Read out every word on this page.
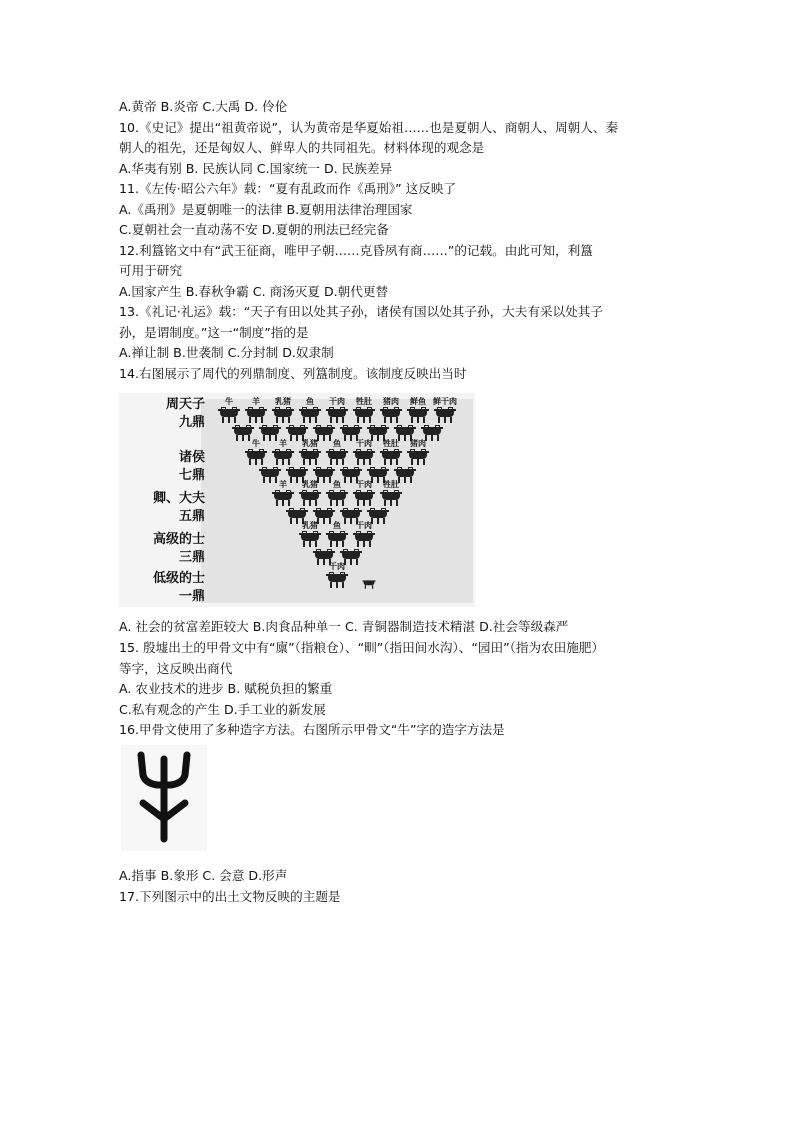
A.黄帝 B.炎帝 C.大禹 D. 伶伦
10.《史记》提出“祖黄帝说”，认为黄帝是华夏始祖……也是夏朝人、商朝人、周朝人、秦
朝人的祖先，还是匈奴人、鲜卑人的共同祖先。材料体现的观念是
A.华夷有别 B. 民族认同 C.国家统一 D. 民族差异
11.《左传·昭公六年》载：“夏有乱政而作《禹刑》” 这反映了
A.《禹刑》是夏朝唯一的法律 B.夏朝用法律治理国家
C.夏朝社会一直动荡不安 D.夏朝的刑法已经完备
12.利簋铭文中有“武王征商，唯甲子朝……克昏夙有商……”的记载。由此可知，利簋
可用于研究
A.国家产生 B.春秋争霸 C. 商汤灭夏 D.朝代更替
13.《礼记·礼运》载：“天子有田以处其子孙，诸侯有国以处其子孙，大夫有采以处其子
孙，是谓制度。”这一“制度”指的是
A.禅让制 B.世袭制 C.分封制 D.奴隶制
14.右图展示了周代的列鼎制度、列簋制度。该制度反映出当时
周天子
九鼎
诸侯
七鼎
卿、大夫
五鼎
高级的士
三鼎
低级的士
一鼎
牛 羊 乳猪 鱼 干肉 牲肚 猪肉 鲜鱼 鲜干肉
牛 羊 乳猪 鱼 干肉 牲肚 猪肉
羊 乳猪 鱼 干肉 牲肚
乳猪 鱼 干肉
干肉
A. 社会的贫富差距较大 B.肉食品种单一 C. 青铜器制造技术精湛 D.社会等级森严
15. 殷墟出土的甲骨文中有“廪”（指粮仓）、“甽”（指田间水沟）、“园田”（指为农田施肥）
等字，这反映出商代
A. 农业技术的进步 B. 赋税负担的繁重
C.私有观念的产生 D.手工业的新发展
16.甲骨文使用了多种造字方法。右图所示甲骨文“牛”字的造字方法是
A.指事 B.象形 C. 会意 D.形声
17.下列图示中的出土文物反映的主题是
